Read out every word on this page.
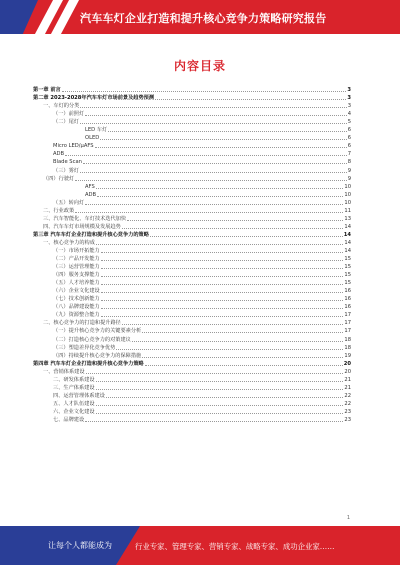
汽车车灯企业打造和提升核心竞争力策略研究报告
内容目录
第一章 前言	3
第二章 2023-2028年汽车车灯市场前景及趋势预测	3
一、车灯的分类	3
（一）前照灯	4
（二）尾灯	5
LED 车灯	6
OLED	6
Micro LED/μAFS	6
ADB	7
Blade Scan	8
（三）雾灯	9
（四）行驶灯	9
AFS	10
ADB	10
（五）转向灯	10
二、行业政策	11
三、汽车智能化、车灯技术迭代加快	13
四、汽车车灯市场规模及发展趋势	14
第三章 汽车车灯企业打造和提升核心竞争力的策略	14
一、核心竞争力的构成	14
（一）市场开拓能力	14
（二）产品开发能力	15
（三）运营管理能力	15
（四）服务支撑能力	15
（五）人才培养能力	15
（六）企业文化建设	16
（七）技术创新能力	16
（八）品牌建设能力	16
（九）资源整合能力	17
二、核心竞争力的打造和提升路径	17
（一）提升核心竞争力的关键要素分析	17
（二）打造核心竞争力的对策建议	18
（三）塑造差异化竞争优势	18
（四）持续提升核心竞争力的保障措施	19
第四章 汽车车灯企业打造和提升核心竞争力策略	20
一、营销体系建设	20
二、研发体系建设	21
三、生产体系建设	21
四、运营管理体系建设	22
五、人才队伍建设	22
六、企业文化建设	23
七、品牌建设	23
1
让每个人都能成为	行业专家、管理专家、营销专家、战略专家、成功企业家……
